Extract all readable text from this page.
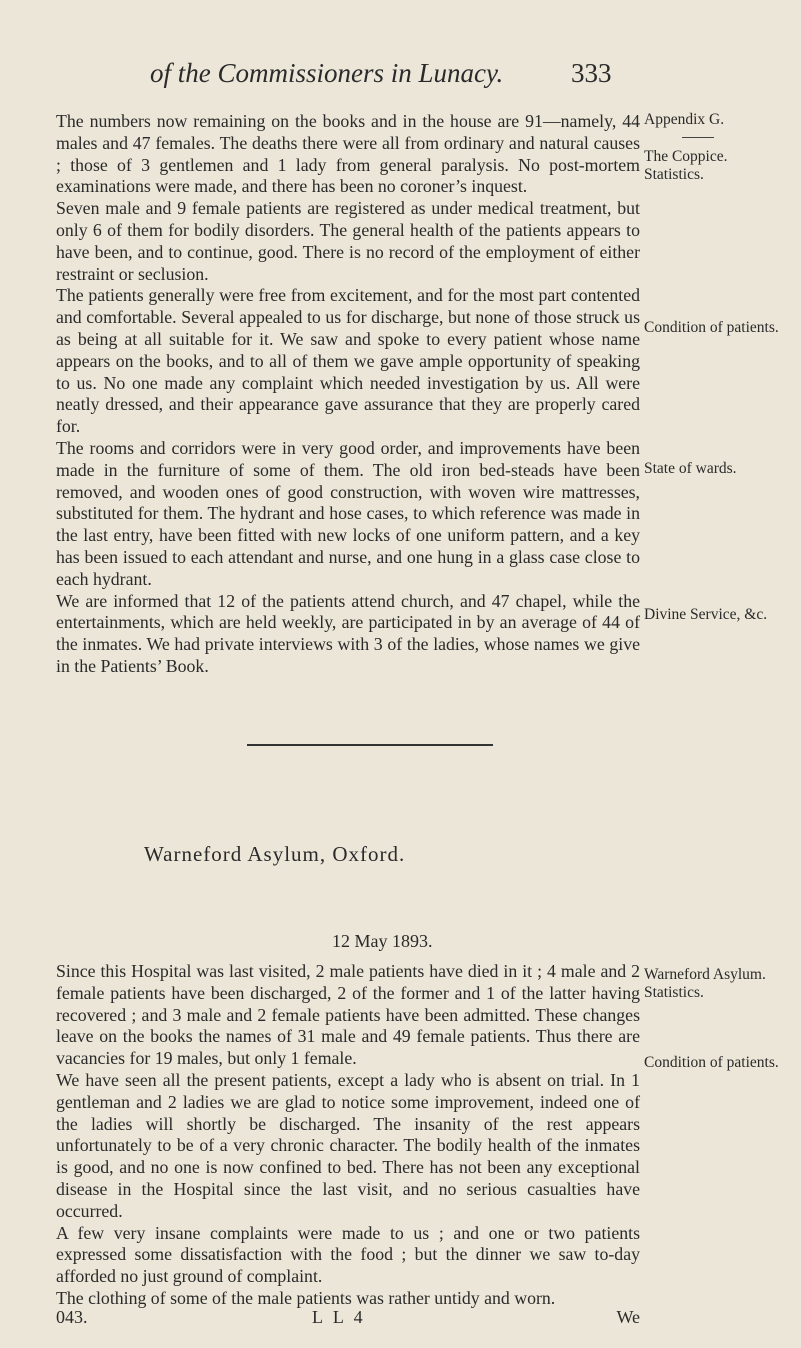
of the Commissioners in Lunacy.	333
Appendix G.
The Coppice.
Statistics.
Condition of patients.
State of wards.
Divine Service, &c.

The numbers now remaining on the books and in the house are 91—namely, 44 males and 47 females. The deaths there were all from ordinary and natural causes ; those of 3 gentlemen and 1 lady from general paralysis. No post-mortem examinations were made, and there has been no coroner’s inquest.

Seven male and 9 female patients are registered as under medical treatment, but only 6 of them for bodily disorders. The general health of the patients appears to have been, and to continue, good. There is no record of the employment of either restraint or seclusion.

The patients generally were free from excitement, and for the most part contented and comfortable. Several appealed to us for discharge, but none of those struck us as being at all suitable for it. We saw and spoke to every patient whose name appears on the books, and to all of them we gave ample opportunity of speaking to us. No one made any complaint which needed investigation by us. All were neatly dressed, and their appearance gave assurance that they are properly cared for.

The rooms and corridors were in very good order, and improvements have been made in the furniture of some of them. The old iron bed-steads have been removed, and wooden ones of good construction, with woven wire mattresses, substituted for them. The hydrant and hose cases, to which reference was made in the last entry, have been fitted with new locks of one uniform pattern, and a key has been issued to each attendant and nurse, and one hung in a glass case close to each hydrant.

We are informed that 12 of the patients attend church, and 47 chapel, while the entertainments, which are held weekly, are participated in by an average of 44 of the inmates. We had private interviews with 3 of the ladies, whose names we give in the Patients’ Book.

Warneford Asylum, Oxford.
12 May 1893.
Warneford Asylum. Statistics.
Condition of patients.

Since this Hospital was last visited, 2 male patients have died in it ; 4 male and 2 female patients have been discharged, 2 of the former and 1 of the latter having recovered ; and 3 male and 2 female patients have been admitted. These changes leave on the books the names of 31 male and 49 female patients. Thus there are vacancies for 19 males, but only 1 female.

We have seen all the present patients, except a lady who is absent on trial. In 1 gentleman and 2 ladies we are glad to notice some improvement, indeed one of the ladies will shortly be discharged. The insanity of the rest appears unfortunately to be of a very chronic character. The bodily health of the inmates is good, and no one is now confined to bed. There has not been any exceptional disease in the Hospital since the last visit, and no serious casualties have occurred.

A few very insane complaints were made to us ; and one or two patients expressed some dissatisfaction with the food ; but the dinner we saw to-day afforded no just ground of complaint.

The clothing of some of the male patients was rather untidy and worn.

043.	L L 4	We
